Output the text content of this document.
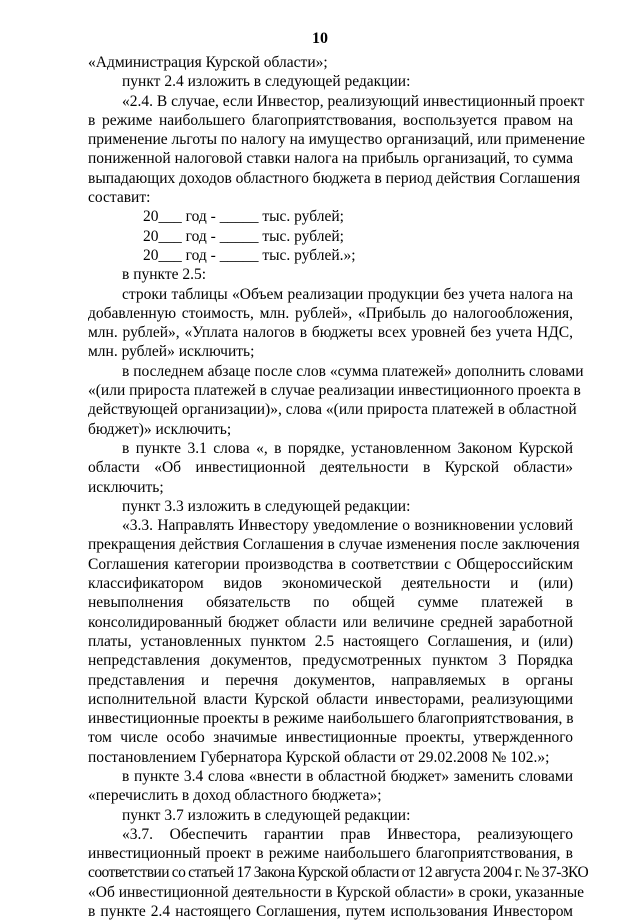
10
«Администрация Курской области»;
пункт 2.4 изложить в следующей редакции:
«2.4. В случае, если Инвестор, реализующий инвестиционный проект
в режиме наибольшего благоприятствования, воспользуется правом на
применение льготы по налогу на имущество организаций, или применение
пониженной налоговой ставки налога на прибыль организаций, то сумма
выпадающих доходов областного бюджета в период действия Соглашения
составит:
20___ год - _____ тыс. рублей;
20___ год - _____ тыс. рублей;
20___ год - _____ тыс. рублей.»;
в пункте 2.5:
строки таблицы «Объем реализации продукции без учета налога на
добавленную стоимость, млн. рублей», «Прибыль до налогообложения,
млн. рублей», «Уплата налогов в бюджеты всех уровней без учета НДС,
млн. рублей» исключить;
в последнем абзаце после слов «сумма платежей» дополнить словами
«(или прироста платежей в случае реализации инвестиционного проекта в
действующей организации)», слова «(или прироста платежей в областной
бюджет)» исключить;
в пункте 3.1 слова «, в порядке, установленном Законом Курской
области «Об инвестиционной деятельности в Курской области»
исключить;
пункт 3.3 изложить в следующей редакции:
«3.3. Направлять Инвестору уведомление о возникновении условий
прекращения действия Соглашения в случае изменения после заключения
Соглашения категории производства в соответствии с Общероссийским
классификатором видов экономической деятельности и (или)
невыполнения обязательств по общей сумме платежей в
консолидированный бюджет области или величине средней заработной
платы, установленных пунктом 2.5 настоящего Соглашения, и (или)
непредставления документов, предусмотренных пунктом 3 Порядка
представления и перечня документов, направляемых в органы
исполнительной власти Курской области инвесторами, реализующими
инвестиционные проекты в режиме наибольшего благоприятствования, в
том числе особо значимые инвестиционные проекты, утвержденного
постановлением Губернатора Курской области от 29.02.2008 № 102.»;
в пункте 3.4 слова «внести в областной бюджет» заменить словами
«перечислить в доход областного бюджета»;
пункт 3.7 изложить в следующей редакции:
«3.7. Обеспечить гарантии прав Инвестора, реализующего
инвестиционный проект в режиме наибольшего благоприятствования, в
соответствии со статьей 17 Закона Курской области от 12 августа 2004 г. № 37-ЗКО
«Об инвестиционной деятельности в Курской области» в сроки, указанные
в пункте 2.4 настоящего Соглашения, путем использования Инвестором
